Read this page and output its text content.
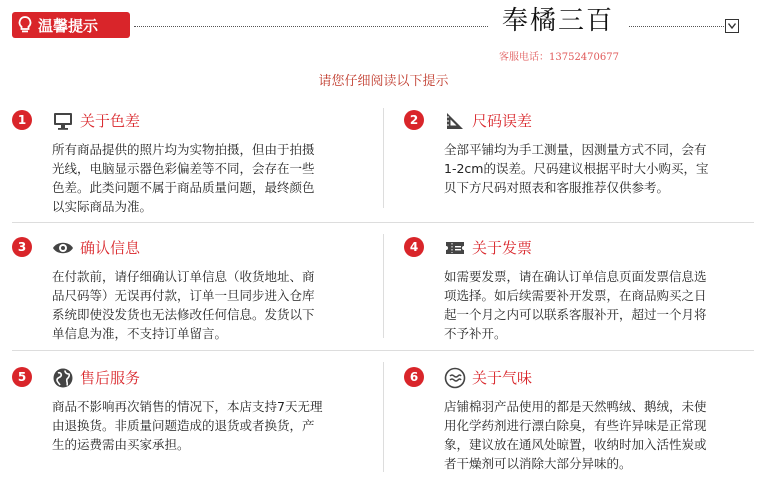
温馨提示	奉橘三百
客服电话：13752470677
请您仔细阅读以下提示
1	关于色差
所有商品提供的照片均为实物拍摄，但由于拍摄
光线，电脑显示器色彩偏差等不同，会存在一些
色差。此类问题不属于商品质量问题，最终颜色
以实际商品为准。
2	尺码误差
全部平铺均为手工测量，因测量方式不同，会有
1-2cm的误差。尺码建议根据平时大小购买，宝
贝下方尺码对照表和客服推荐仅供参考。
3	确认信息
在付款前，请仔细确认订单信息（收货地址、商
品尺码等）无误再付款，订单一旦同步进入仓库
系统即使没发货也无法修改任何信息。发货以下
单信息为准，不支持订单留言。
4	关于发票
如需要发票，请在确认订单信息页面发票信息选
项选择。如后续需要补开发票，在商品购买之日
起一个月之内可以联系客服补开，超过一个月将
不予补开。
5	售后服务
商品不影响再次销售的情况下，本店支持7天无理
由退换货。非质量问题造成的退货或者换货，产
生的运费需由买家承担。
6	关于气味
店铺棉羽产品使用的都是天然鸭绒、鹅绒，未使
用化学药剂进行漂白除臭，有些许异味是正常现
象，建议放在通风处晾置，收纳时加入活性炭或
者干燥剂可以消除大部分异味的。
